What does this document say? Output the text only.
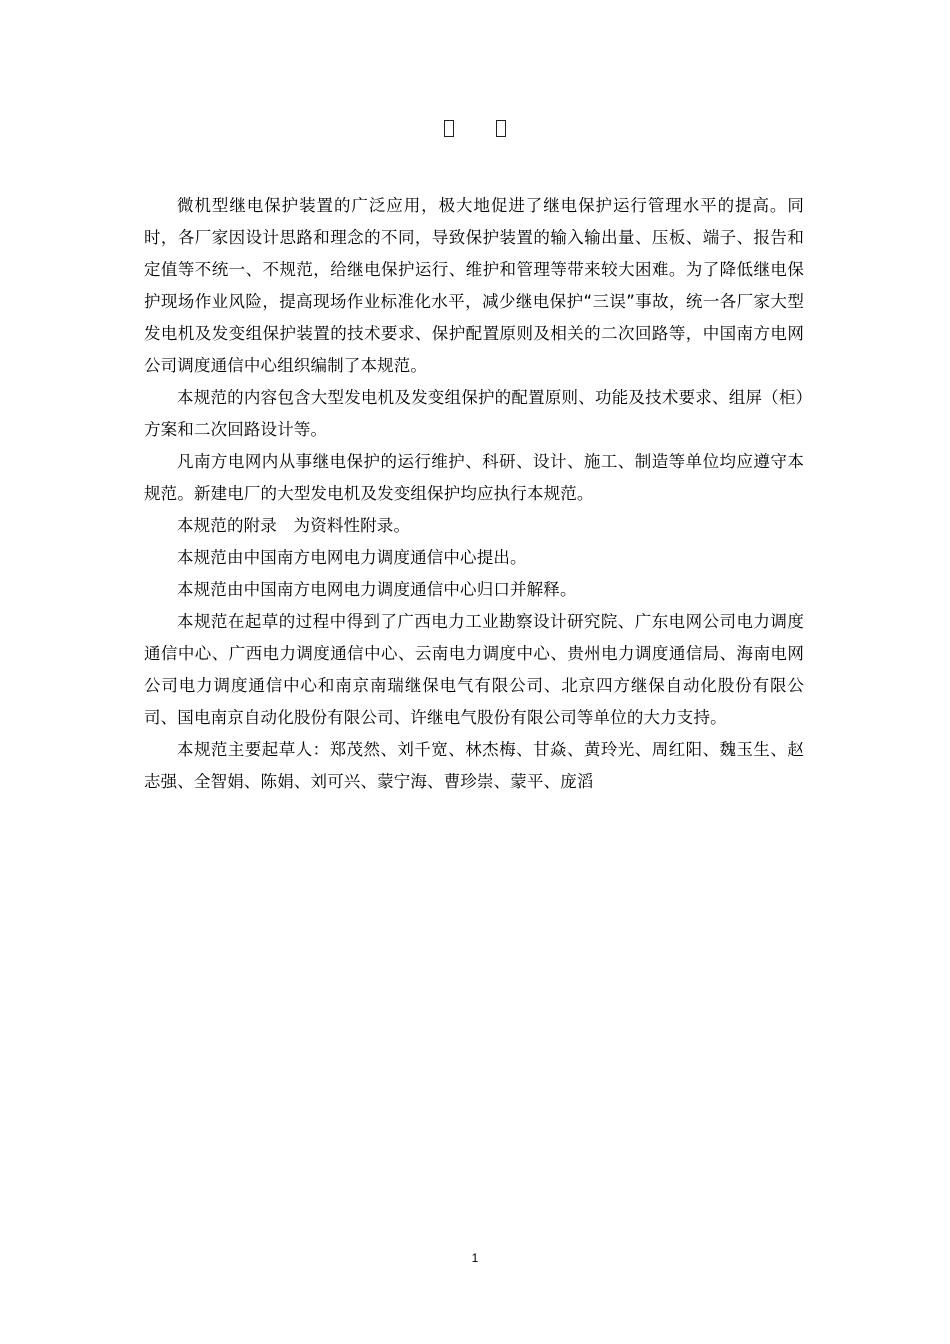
微机型继电保护装置的广泛应用，极大地促进了继电保护运行管理水平的提高。同时，各厂家因设计思路和理念的不同，导致保护装置的输入输出量、压板、端子、报告和定值等不统一、不规范，给继电保护运行、维护和管理等带来较大困难。为了降低继电保护现场作业风险，提高现场作业标准化水平，减少继电保护“三误”事故，统一各厂家大型发电机及发变组保护装置的技术要求、保护配置原则及相关的二次回路等，中国南方电网公司调度通信中心组织编制了本规范。

本规范的内容包含大型发电机及发变组保护的配置原则、功能及技术要求、组屏（柜）方案和二次回路设计等。

凡南方电网内从事继电保护的运行维护、科研、设计、施工、制造等单位均应遵守本规范。新建电厂的大型发电机及发变组保护均应执行本规范。

本规范的附录　为资料性附录。

本规范由中国南方电网电力调度通信中心提出。

本规范由中国南方电网电力调度通信中心归口并解释。

本规范在起草的过程中得到了广西电力工业勘察设计研究院、广东电网公司电力调度通信中心、广西电力调度通信中心、云南电力调度中心、贵州电力调度通信局、海南电网公司电力调度通信中心和南京南瑞继保电气有限公司、北京四方继保自动化股份有限公司、国电南京自动化股份有限公司、许继电气股份有限公司等单位的大力支持。

本规范主要起草人：郑茂然、刘千宽、林杰梅、甘焱、黄玲光、周红阳、魏玉生、赵志强、全智娟、陈娟、刘可兴、蒙宁海、曹珍崇、蒙平、庞滔

1
